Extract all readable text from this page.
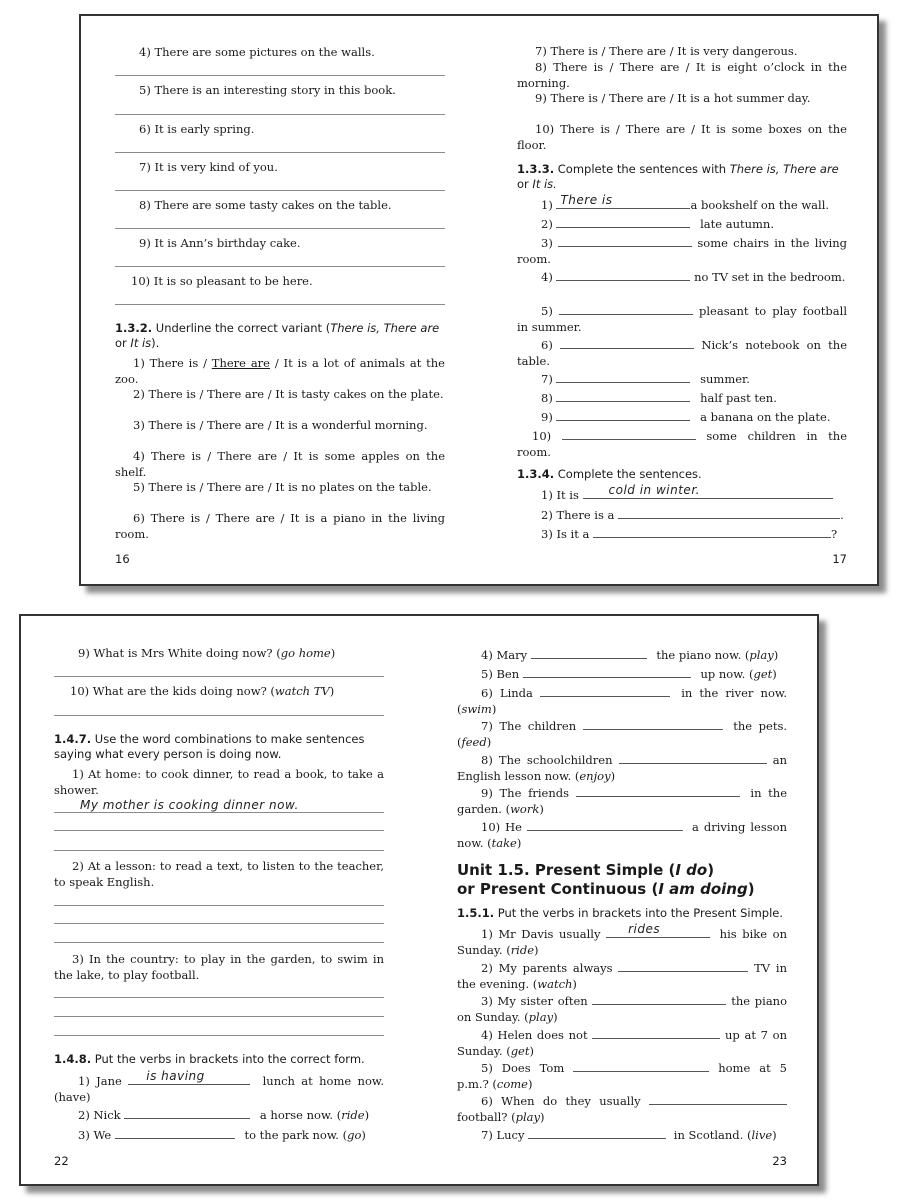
4) There are some pictures on the walls.
5) There is an interesting story in this book.
6) It is early spring.
7) It is very kind of you.
8) There are some tasty cakes on the table.
9) It is Ann’s birthday cake.
10) It is so pleasant to be here.
1.3.2. Underline the correct variant (There is, There are or It is).
1) There is / There are / It is a lot of animals at the zoo.
2) There is / There are / It is tasty cakes on the plate.
3) There is / There are / It is a wonderful morning.
4) There is / There are / It is some apples on the shelf.
5) There is / There are / It is no plates on the table.
6) There is / There are / It is a piano in the living room.
16
7) There is / There are / It is very dangerous.
8) There is / There are / It is eight o’clock in the morning.
9) There is / There are / It is a hot summer day.
10) There is / There are / It is some boxes on the floor.
1.3.3. Complete the sentences with There is, There are or It is.
1) There is	a bookshelf on the wall.
2)	late autumn.
3)	some chairs in the living room.
4)	no TV set in the bedroom.
5)	pleasant to play football in summer.
6)	Nick’s notebook on the table.
7)	summer.
8)	half past ten.
9)	a banana on the plate.
10)	some children in the room.
1.3.4. Complete the sentences.
1) It is cold in winter.
2) There is a	.
3) Is it a	?
17
9) What is Mrs White doing now? (go home)
10) What are the kids doing now? (watch TV)
1.4.7. Use the word combinations to make sentences saying what every person is doing now.
1) At home: to cook dinner, to read a book, to take a shower.
My mother is cooking dinner now.
2) At a lesson: to read a text, to listen to the teacher, to speak English.
3) In the country: to play in the garden, to swim in the lake, to play football.
1.4.8. Put the verbs in brackets into the correct form.
1) Jane is having	lunch at home now. (have)
2) Nick	a horse now. (ride)
3) We	to the park now. (go)
22
4) Mary	the piano now. (play)
5) Ben	up now. (get)
6) Linda	in the river now. (swim)
7) The children	the pets. (feed)
8) The schoolchildren	an English lesson now. (enjoy)
9) The friends	in the garden. (work)
10) He	a driving lesson now. (take)
Unit 1.5. Present Simple (I do)
or Present Continuous (I am doing)
1.5.1. Put the verbs in brackets into the Present Simple.
1) Mr Davis usually rides	his bike on Sunday. (ride)
2) My parents always	TV in the evening. (watch)
3) My sister often	the piano on Sunday. (play)
4) Helen does not	up at 7 on Sunday. (get)
5) Does Tom	home at 5 p.m.? (come)
6) When do they usually  football? (play)
7) Lucy	in Scotland. (live)
23
